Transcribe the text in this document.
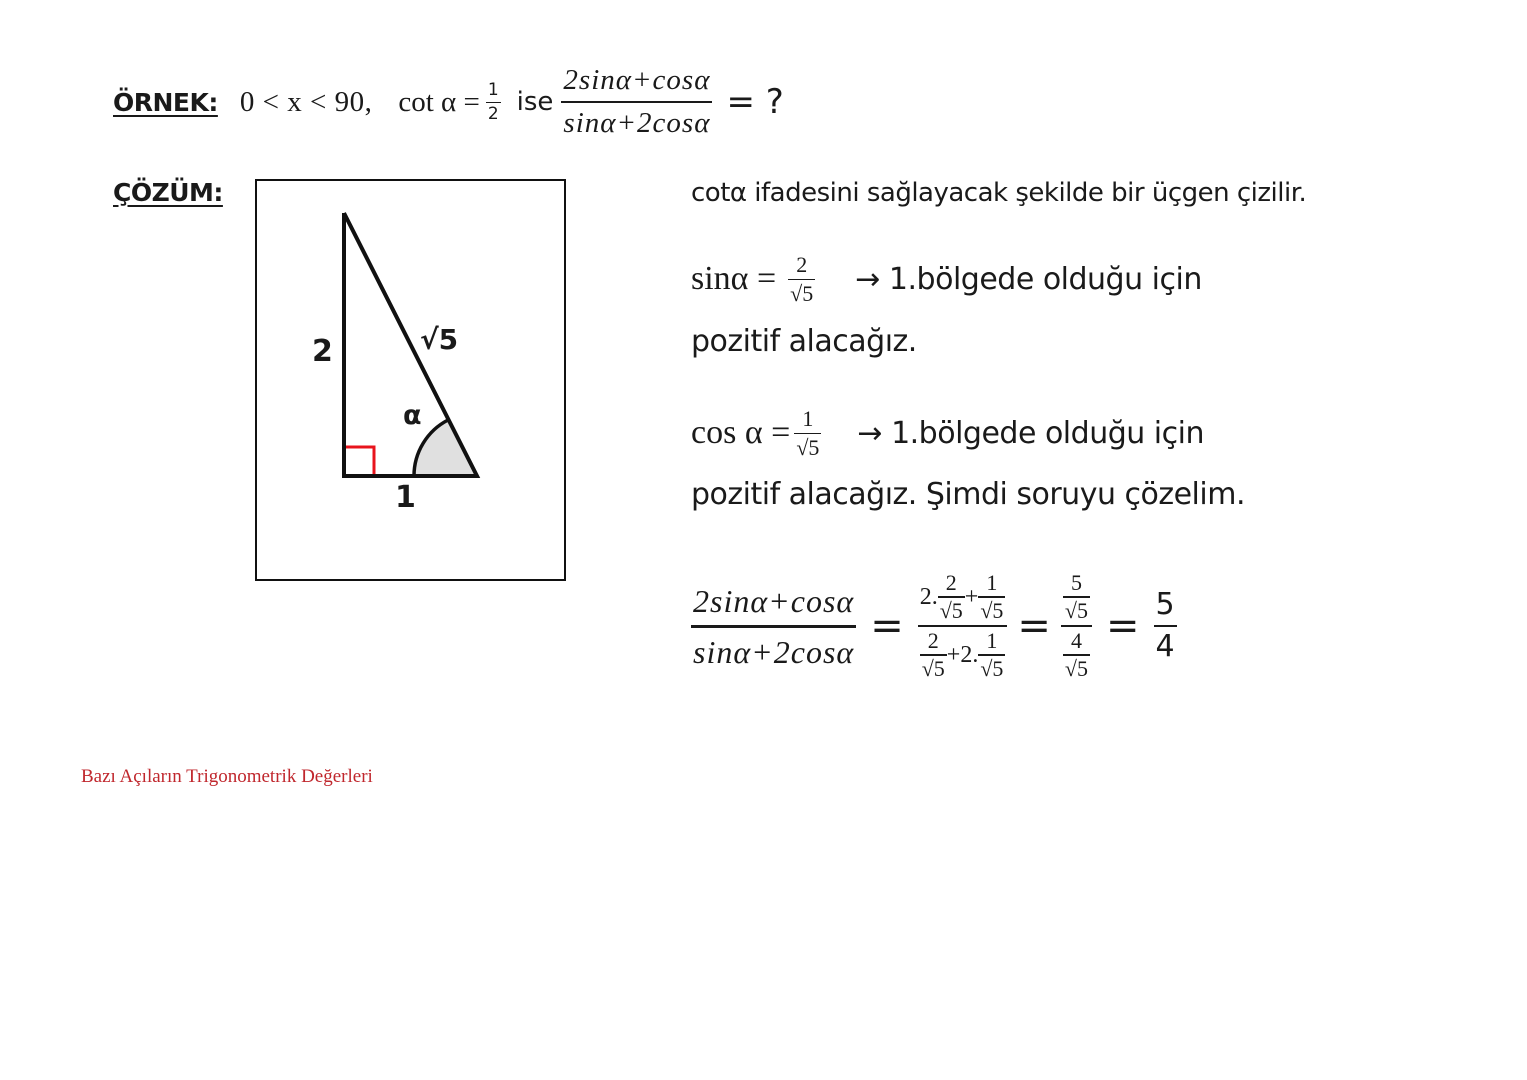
ÖRNEK: 0 < x < 90, $\cot \alpha = \frac{1}{2}$ ise $\frac{2\sin\alpha+\cos\alpha}{\sin\alpha+2\cos\alpha}$ = ?
ÇÖZÜM:
2	√5
1
α
cotα ifadesini sağlayacak şekilde bir üçgen çizilir.
$\sin\alpha = \frac{2}{√5}$ → 1.bölgede olduğu için
pozitif alacağız.
$\cos \alpha = \frac{1}{√5}$ → 1.bölgede olduğu için
pozitif alacağız. Şimdi soruyu çözelim.
$\frac{2\sin\alpha+\cos\alpha}{\sin\alpha+2\cos\alpha}$ =
2. $\frac{2}{√5} + \frac{1}{√5}$
$\frac{2}{√5} +2$. $\frac{1}{√5}$
= $\frac{\frac{5}{√5}}{\frac{4}{√5}} = \frac{5}{4}$
Bazı Açıların Trigonometrik Değerleri
